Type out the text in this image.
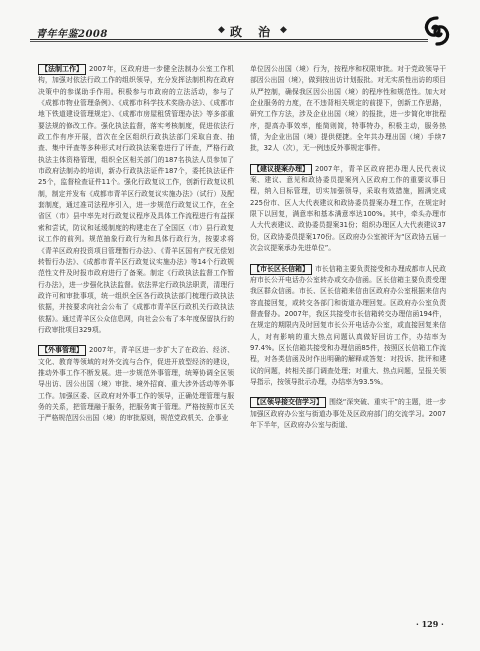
青年年鉴2008	◆ 政 治 ◆

【法制工作】 2007年，区政府进一步健全法制办公室工作机构，加强对依法行政工作的组织领导，充分发挥法制机构在政府决策中的参谋助手作用。积极参与市政府的立法活动，参与了《成都市物业管理条例》、《成都市科学技术奖励办法》、《成都市地下铁道建设管理规定》、《成都市房屋租赁管理办法》等多部重要法规的修改工作。强化执法监督，落实考核制度，促进依法行政工作有序开展，首次在全区组织行政执法部门采取自查、抽查、集中评查等多种形式对行政执法案卷进行了评查，严格行政执法主体资格管理，组织全区相关部门的187名执法人员参加了市政府法制办的培训，新办行政执法证件187个，委托执法证件25个，监督检查证件11个。强化行政复议工作，创新行政复议机制，制定并发布《成都市青羊区行政复议实施办法》（试行）及配套制度，通过准司法程序引入，进一步规范行政复议工作，在全省区（市）县中率先对行政复议程序及具体工作流程进行有益探索和尝试，防议和延缓制度的构建走在了全国区（市）县行政复议工作的前列。规范抽象行政行为和具体行政行为，按要求将《青羊区政府投资项目管理暂行办法》、《青羊区国有产权无偿划转暂行办法》、《成都市青羊区行政复议实施办法》等14个行政规范性文件及时报市政府进行了备案。制定《行政执法监督工作暂行办法》，进一步强化执法监督。依法界定行政执法职责，清理行政许可和审批事项，统一组织全区各行政执法部门梳理行政执法依据，并按要求向社会公布了《成都市青羊区行政机关行政执法依据》。通过青羊区公众信息网，向社会公布了本年度保留执行的行政审批项目329项。

【外事管理】 2007年，青羊区进一步扩大了在政治、经济、文化、教育等领域的对外交流与合作，促进开放型经济的建设，推动外事工作不断发展。进一步规范外事管理，统筹协调全区领导出访、因公出国（境）审批、境外招商、重大涉外活动等外事工作。加强区委、区政府对外事工作的领导，正确处理管理与服务的关系，把管理融于服务，把服务寓于管理。严格按照市区关于严格规范因公出国（境）的审批原则，规范党政机关、企事业

单位因公出国（境）行为，按程序和权限审批。对于党政领导干部因公出国（境），做到按出访计划报批。对无实质性出访的项目从严控制，确保我区因公出国（境）的程序性和规范性。加大对企业服务的力度，在不违背相关规定的前提下，创新工作思路，研究工作方法，涉及企业出国（境）的报批，进一步简化审批程序，提高办事效率，能简则简，特事特办，积极主动，服务热情，为企业出国（境）提供便捷。全年共办理出国（境）手续7批，32人（次），无一例违反外事规定事件。

【建议提案办理】 2007年，青羊区政府把办理人民代表议案、建议、意见和政协委员提案列入区政府工作的重要议事日程，纳入目标管理，切实加强领导，采取有效措施，圆满完成225份市、区人大代表建议和政协委员提案办理工作，在规定时限下以回复，满意率和基本满意率达100%。其中，牵头办理市人大代表建议、政协委员提案31份；组织办理区人大代表建议37份，区政协委员提案170份。区政府办公室被评为“区政协五届一次会议提案承办先进单位”。

【市长区长信箱】 市长信箱主要负责接受和办理成都市人民政府市长公开电话办公室转办或交办信函。区长信箱主要负责受理我区群众信函。市长、区长信箱来信由区政府办公室根据来信内容直接回复，或转交各部门和街道办理回复。区政府办公室负责督查督办。2007年，我区共接受市长信箱转交办理信函194件，在规定的期限内及时回复市长公开电话办公室，或直接回复来信人，对有影响的重大热点问题认真做好回访工作，办结率为97.4%。区长信箱共接受和办理信函85件，按照区长信箱工作流程，对各类信函及时作出明确的解释或答复：对投诉、批评和建议的问题，转相关部门调查处理；对重大、热点问题，呈报关领导指示，按领导批示办理，办结率为93.5%。

【区领导接交信学习】 围绕“深突破、重实干”的主题，进一步加强区政府办公室与街道办事处及区政府部门的交流学习。2007年下半年，区政府办公室与街道、

· 129 ·
